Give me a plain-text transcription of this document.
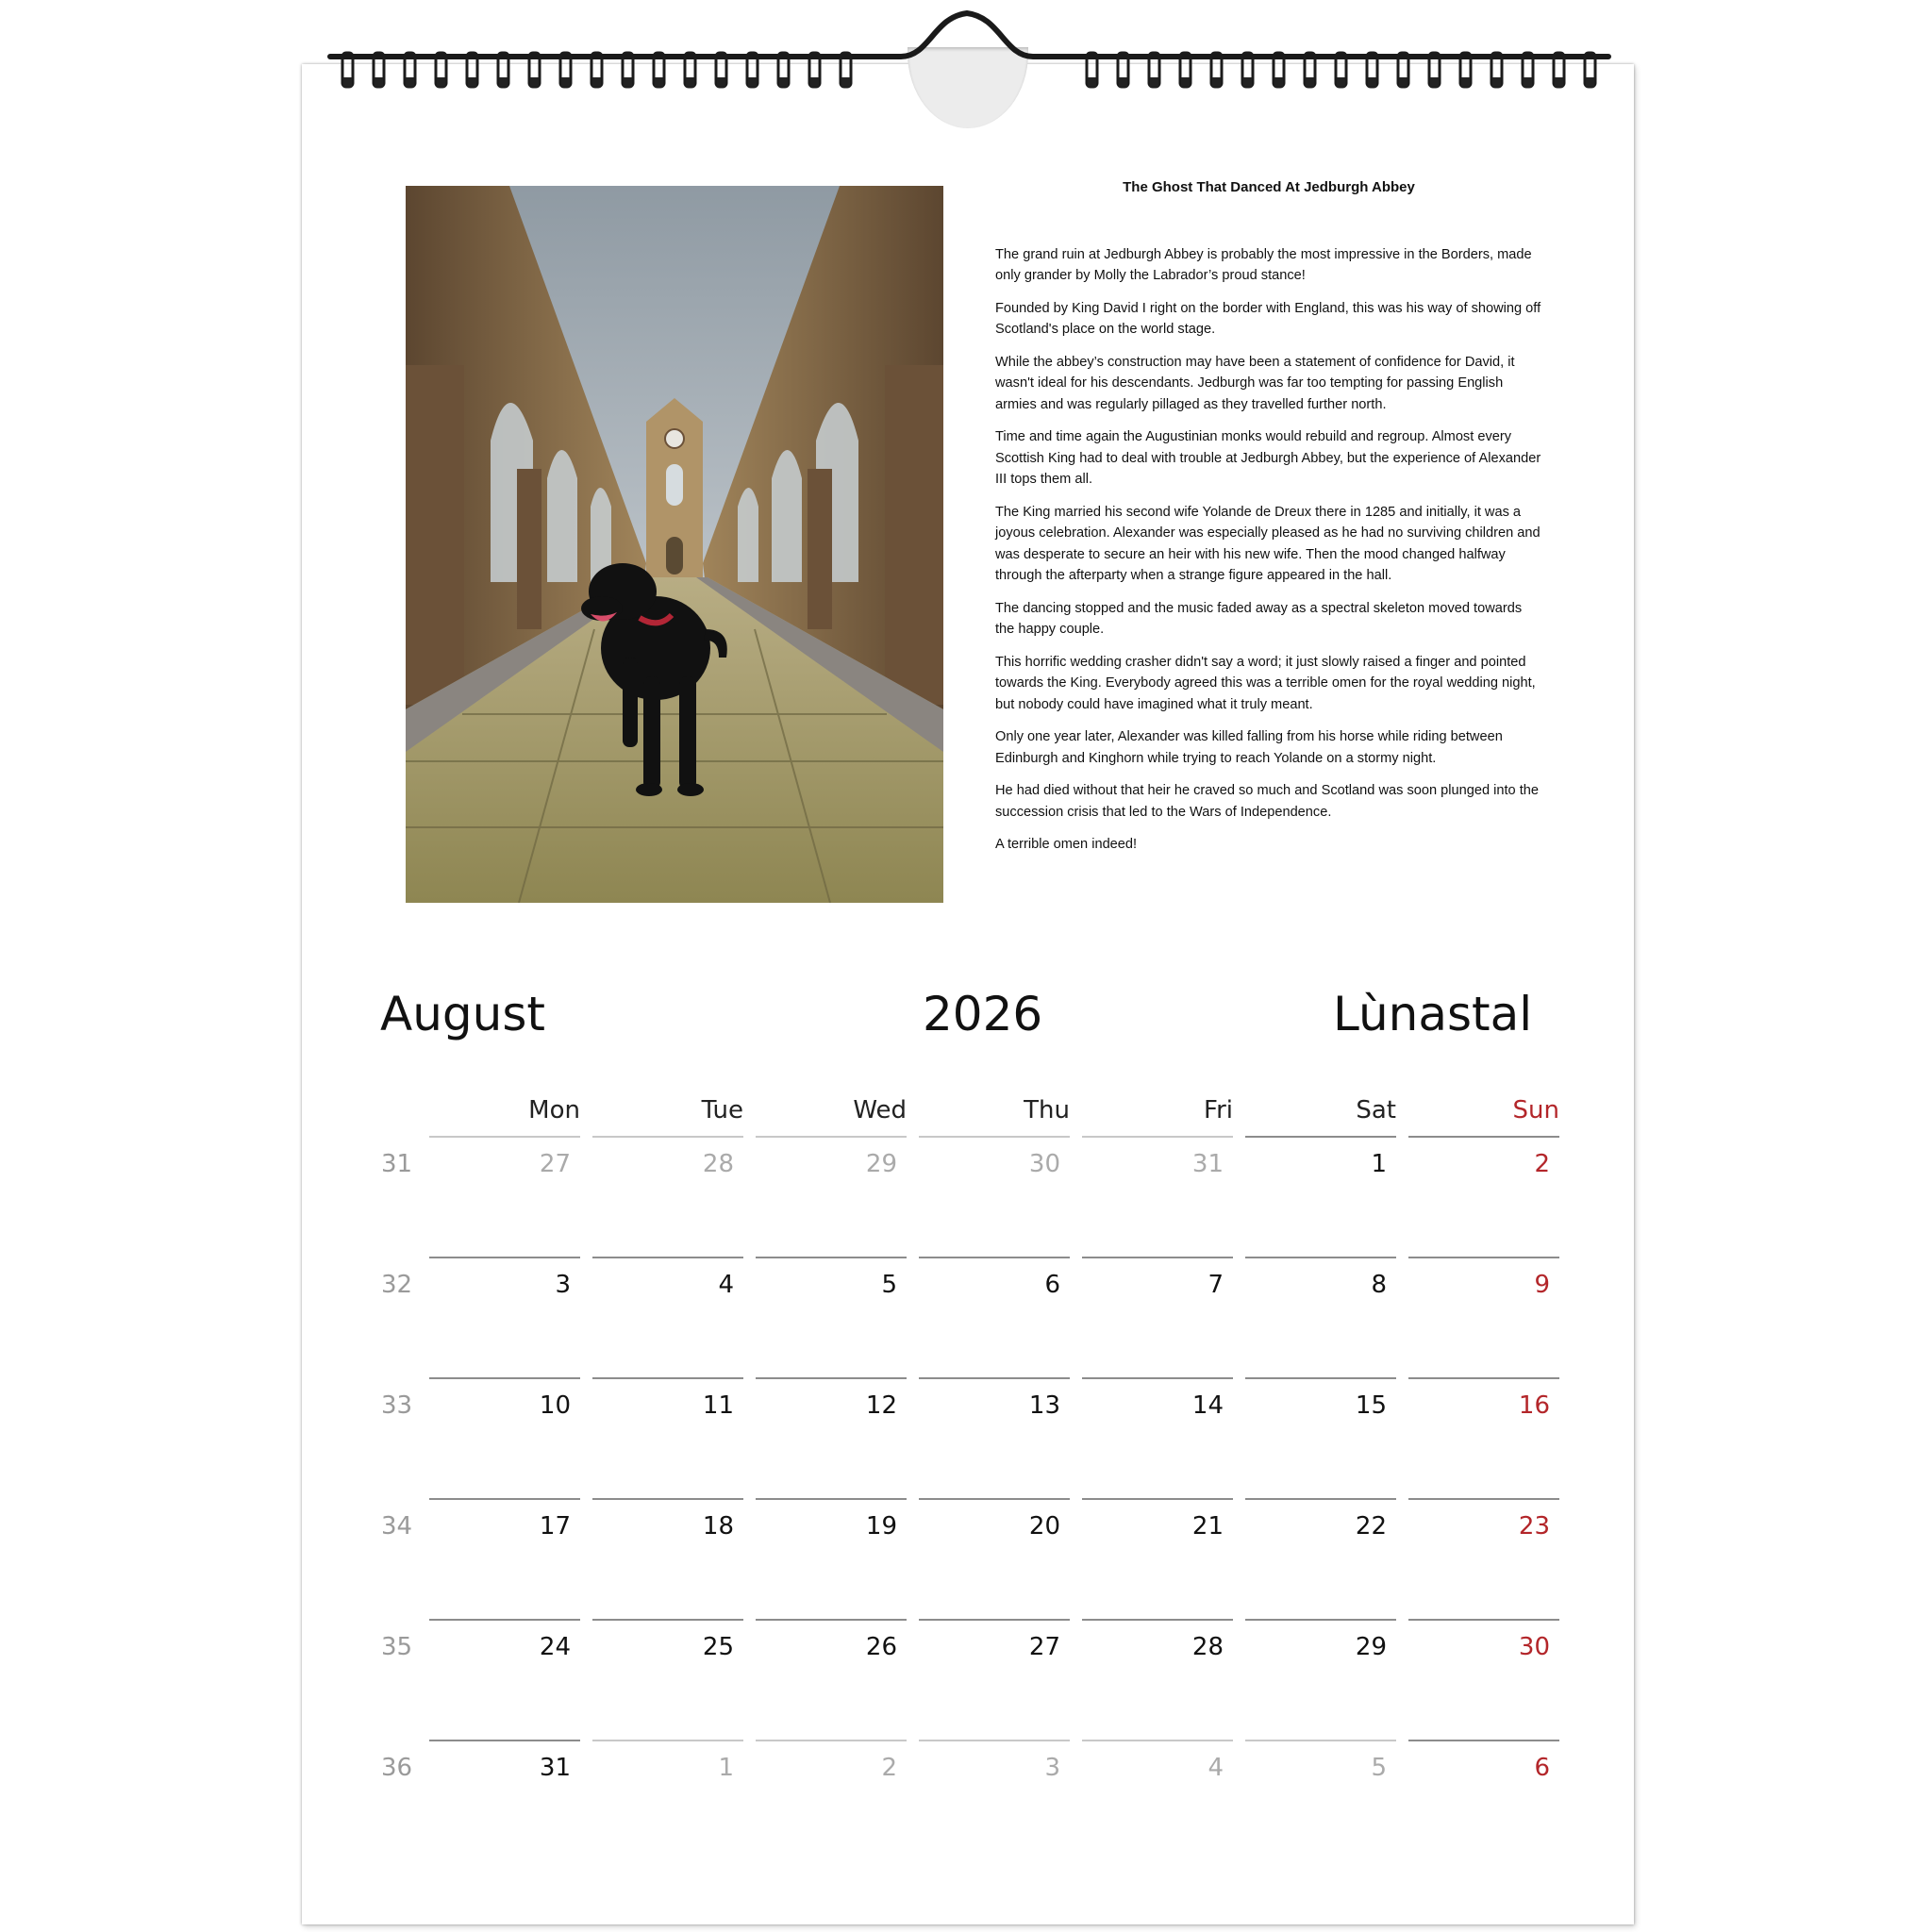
The Ghost That Danced At Jedburgh Abbey

The grand ruin at Jedburgh Abbey is probably the most impressive in the Borders, made only grander by Molly the Labrador’s proud stance!

Founded by King David I right on the border with England, this was his way of showing off Scotland's place on the world stage.

While the abbey’s construction may have been a statement of confidence for David, it wasn't ideal for his descendants. Jedburgh was far too tempting for passing English armies and was regularly pillaged as they travelled further north.

Time and time again the Augustinian monks would rebuild and regroup. Almost every Scottish King had to deal with trouble at Jedburgh Abbey, but the experience of Alexander III tops them all.

The King married his second wife Yolande de Dreux there in 1285 and initially, it was a joyous celebration. Alexander was especially pleased as he had no surviving children and was desperate to secure an heir with his new wife. Then the mood changed halfway through the afterparty when a strange figure appeared in the hall.

The dancing stopped and the music faded away as a spectral skeleton moved towards the happy couple.

This horrific wedding crasher didn't say a word; it just slowly raised a finger and pointed towards the King. Everybody agreed this was a terrible omen for the royal wedding night, but nobody could have imagined what it truly meant.

Only one year later, Alexander was killed falling from his horse while riding between Edinburgh and Kinghorn while trying to reach Yolande on a stormy night.

He had died without that heir he craved so much and Scotland was soon plunged into the succession crisis that led to the Wars of Independence.

A terrible omen indeed!

August	2026	Lùnastal
Mon	Tue	Wed	Thu	Fri	Sat	Sun
31	27	28	29	30	31	1	2
32	3	4	5	6	7	8	9
33	10	11	12	13	14	15	16
34	17	18	19	20	21	22	23
35	24	25	26	27	28	29	30
36	31	1	2	3	4	5	6
